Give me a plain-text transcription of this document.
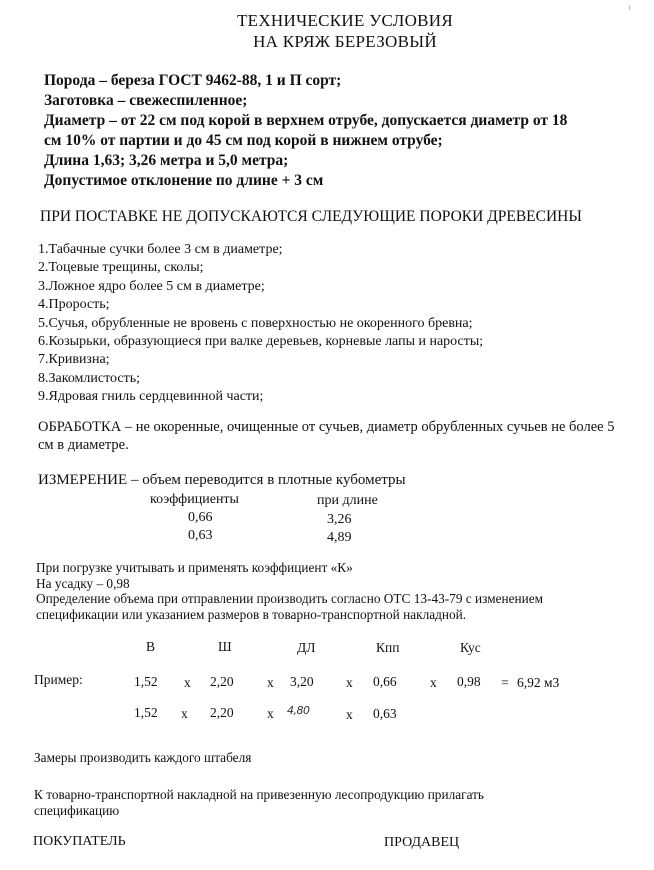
¹
ТЕХНИЧЕСКИЕ УСЛОВИЯ
НА КРЯЖ БЕРЕЗОВЫЙ
Порода – береза ГОСТ 9462-88, 1 и П сорт;
Заготовка – свежеспиленное;
Диаметр – от 22 см под корой в верхнем отрубе, допускается диаметр от 18
см 10% от партии и до 45 см под корой в нижнем отрубе;
Длина 1,63; 3,26 метра и 5,0 метра;
Допустимое отклонение по длине + 3 см
ПРИ ПОСТАВКЕ НЕ ДОПУСКАЮТСЯ СЛЕДУЮЩИЕ ПОРОКИ ДРЕВЕСИНЫ
1.Табачные сучки более 3 см в диаметре;
2.Тоцевые трещины, сколы;
3.Ложное ядро более 5 см в диаметре;
4.Прорость;
5.Сучья, обрубленные не вровень с поверхностью не окоренного бревна;
6.Козырьки, образующиеся при валке деревьев, корневые лапы и наросты;
7.Кривизна;
8.Закомлистость;
9.Ядровая гниль сердцевинной части;
ОБРАБОТКА – не окоренные, очищенные от сучьев, диаметр обрубленных сучьев не более 5 см в диаметре.
ИЗМЕРЕНИЕ – объем переводится в плотные кубометры
коэффициенты	при длине
0,66	3,26
0,63	4,89
При погрузке учитывать и применять коэффициент «К»
На усадку – 0,98
Определение объема при отправлении производить согласно ОТС 13-43-79 с изменением
спецификации или указанием размеров в товарно-транспортной накладной.
В	Ш	ДЛ	Кпп	Кус
Пример:	1,52 х 2,20 х 3,20 х 0,66 х 0,98 = 6,92 м3
1,52 х 2,20 х 4,80	х 0,63
Замеры производить каждого штабеля
К товарно-транспортной накладной на привезенную лесопродукцию прилагать
спецификацию
ПОКУПАТЕЛЬ	ПРОДАВЕЦ
